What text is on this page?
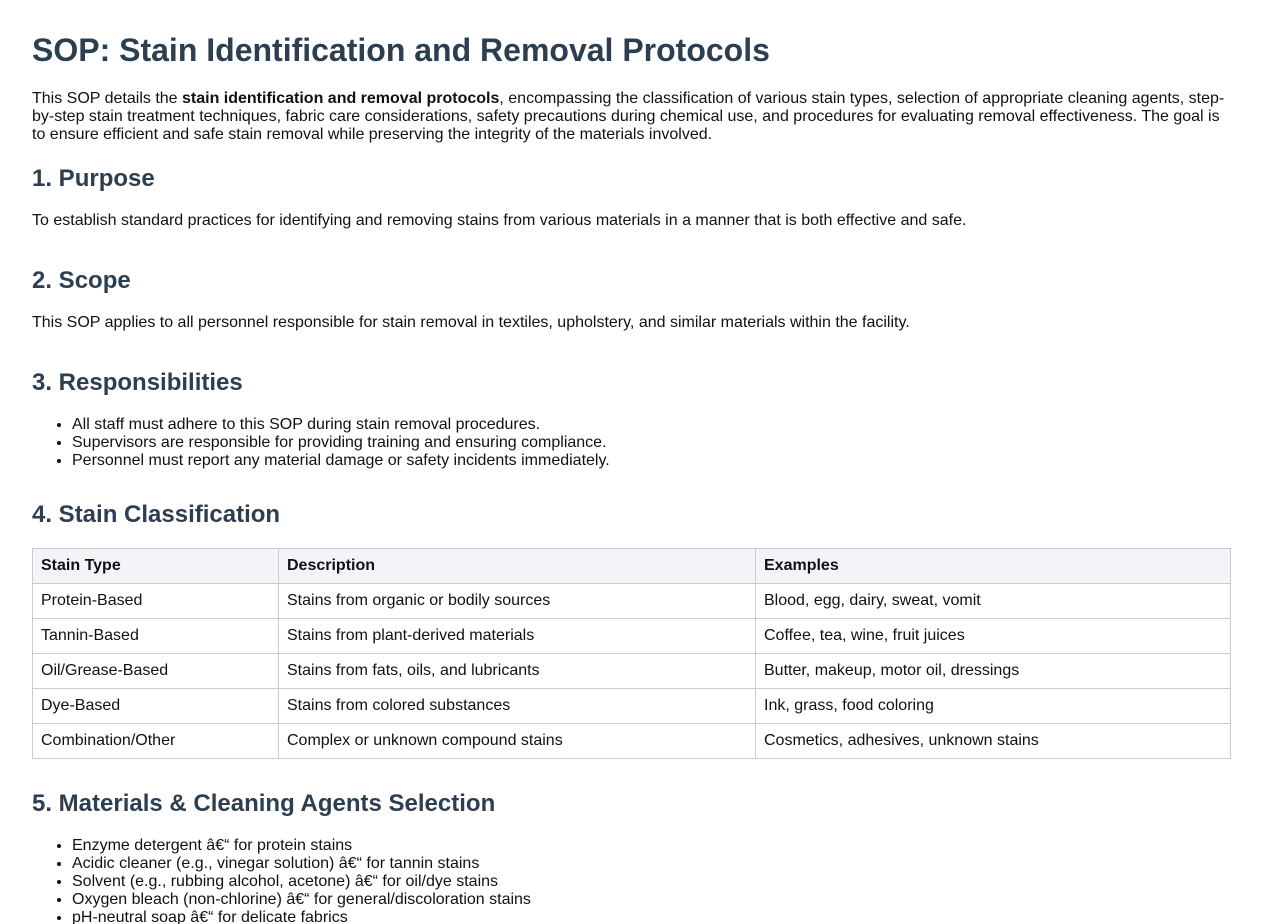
SOP: Stain Identification and Removal Protocols

This SOP details the stain identification and removal protocols, encompassing the classification of various stain types, selection of appropriate cleaning agents, step-by-step stain treatment techniques, fabric care considerations, safety precautions during chemical use, and procedures for evaluating removal effectiveness. The goal is to ensure efficient and safe stain removal while preserving the integrity of the materials involved.

1. Purpose

To establish standard practices for identifying and removing stains from various materials in a manner that is both effective and safe.

2. Scope

This SOP applies to all personnel responsible for stain removal in textiles, upholstery, and similar materials within the facility.

3. Responsibilities
• All staff must adhere to this SOP during stain removal procedures.
• Supervisors are responsible for providing training and ensuring compliance.
• Personnel must report any material damage or safety incidents immediately.
4. Stain Classification
Stain Type	Description	Examples
Protein-Based	Stains from organic or bodily sources	Blood, egg, dairy, sweat, vomit
Tannin-Based	Stains from plant-derived materials	Coffee, tea, wine, fruit juices
Oil/Grease-Based	Stains from fats, oils, and lubricants	Butter, makeup, motor oil, dressings
Dye-Based	Stains from colored substances	Ink, grass, food coloring
Combination/Other	Complex or unknown compound stains	Cosmetics, adhesives, unknown stains
5. Materials & Cleaning Agents Selection
• Enzyme detergent â€“ for protein stains
• Acidic cleaner (e.g., vinegar solution) â€“ for tannin stains
• Solvent (e.g., rubbing alcohol, acetone) â€“ for oil/dye stains
• Oxygen bleach (non-chlorine) â€“ for general/discoloration stains
• pH-neutral soap â€“ for delicate fabrics
